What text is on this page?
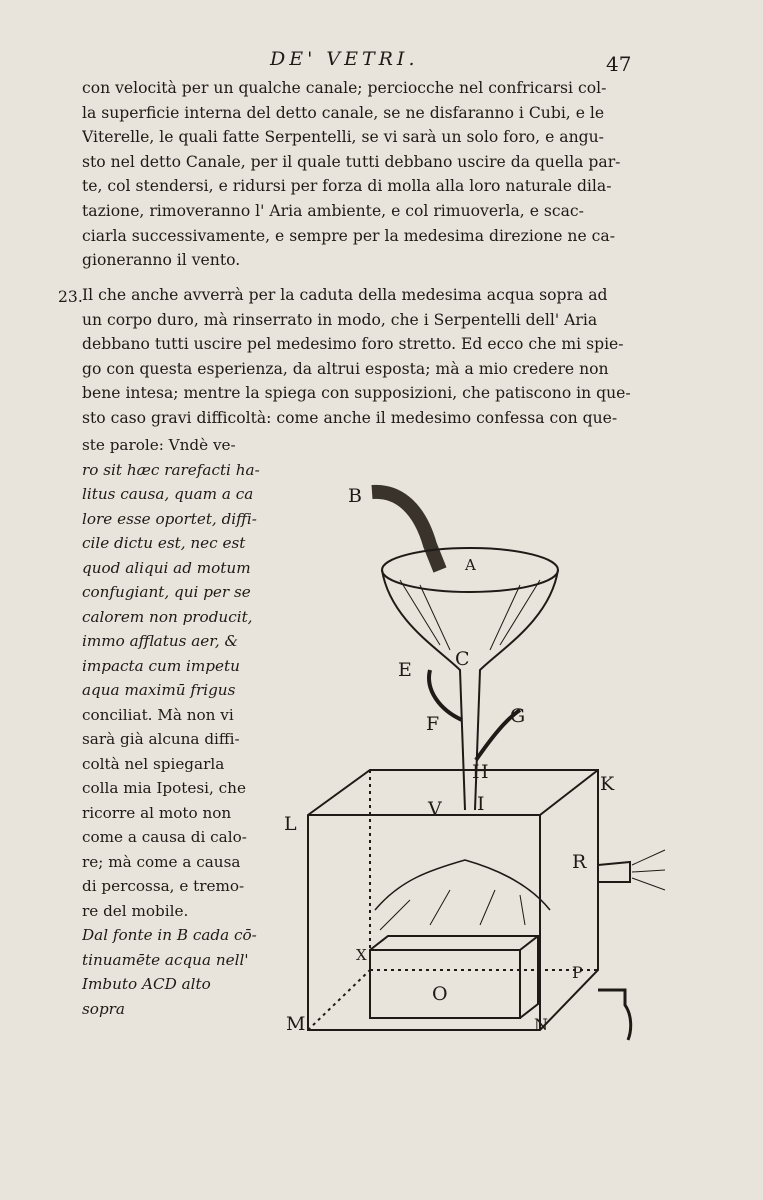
DE' VETRI.	47
con velocità per un qualche canale; percioсche nel confricarsi col-
la superficie interna del detto canale, se ne disfaranno i Cubi, e le
Viterelle, le quali fatte Serpentelli, se vi sarà un solo foro, e angu-
sto nel detto Canale, per il quale tutti debbano uscire da quella par-
te, col stendersi, e ridursi per forza di molla alla loro naturale dila-
tazione, rimoveranno l' Aria ambiente, e col rimuoverla, e scac-
ciarla successivamente, e sempre per la medesima direzione ne ca-
gioneranno il vento.
23. Il che anche avverrà per la caduta della medesima acqua sopra ad
un corpo duro, mà rinserrato in modo, che i Serpentelli dell' Aria
debbano tutti uscire pel medesimo foro stretto. Ed ecco che mi spie-
go con questa esperienza, da altrui esposta; mà a mio credere non
bene intesa; mentre la spiega con supposizioni, che patiscono in que-
sto caso gravi difficoltà: come anche il medesimo confessa con que-
ste parole: Vndè ve-
ro sit hæc rarefacti ha-
litus causa, quam a ca
lore esse oportet, diffi-
cile dictu est, nec est
quod aliqui ad motum
confugiant, qui per se
calorem non producit,
immo afflatus aer, &
impacta cum impetu
aqua maximū frigus
conciliat. Mà non vi
sarà già alcuna diffi-
coltà nel spiegarla
colla mia Ipotesi, che
ricorre al moto non
come a causa di calo-
re; mà come a causa
di percossa, e tremo-
re del mobile.
Dal fonte in B cada cō-
tinuamēte acqua nell'
Imbuto ACD alto
sopra
B
A
C
E
F	G
H
V I
K
L
R
X
O
P
M	N
